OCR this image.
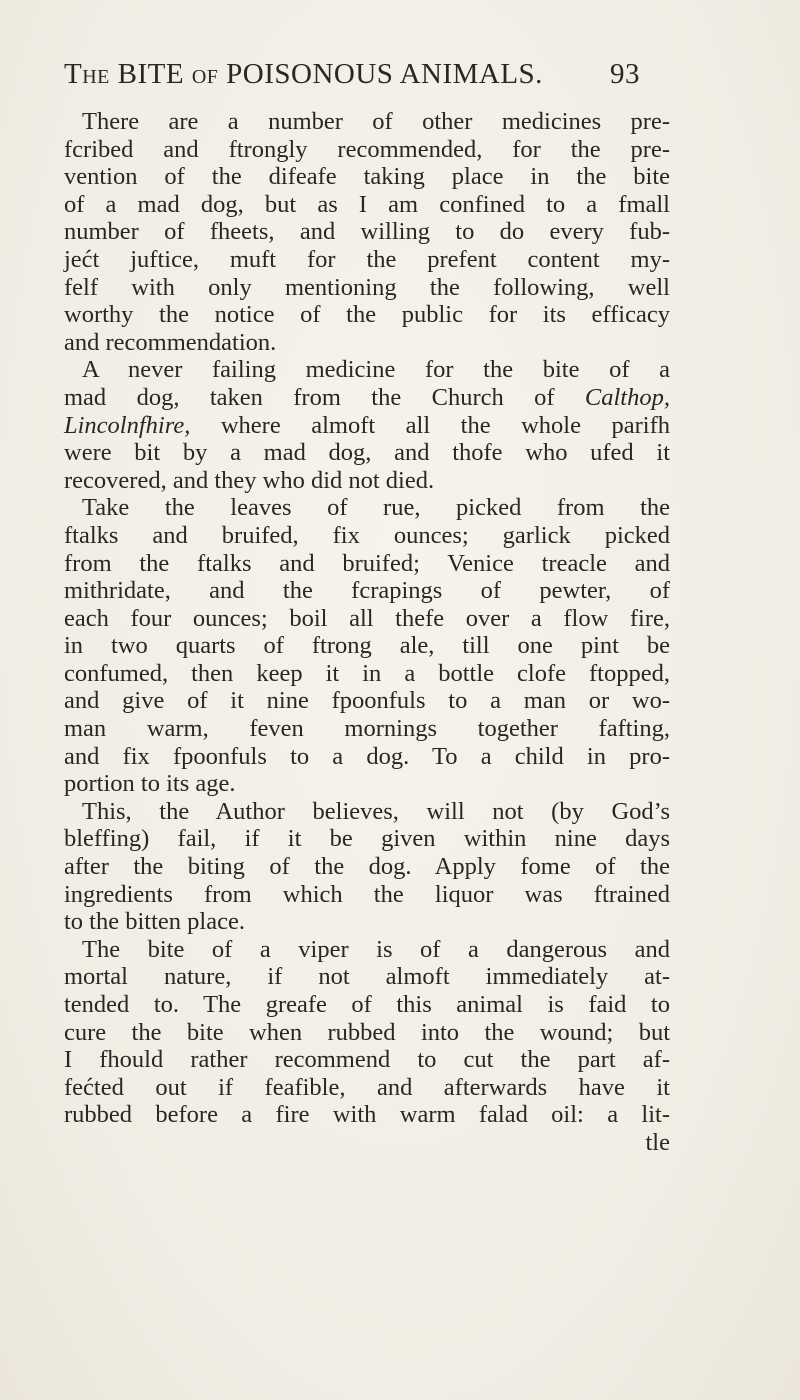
THE BITE OF POISONOUS ANIMALS. 93
There are a number of other medicines pre-
fcribed and ftrongly recommended, for the pre-
vention of the difeafe taking place in the bite
of a mad dog, but as I am confined to a fmall
number of fheets, and willing to do every fub-
jećt juftice, muft for the prefent content my-
felf with only mentioning the following, well
worthy the notice of the public for its efficacy
and recommendation.
A never failing medicine for the bite of a
mad dog, taken from the Church of Calthop,
Lincolnfhire, where almoft all the whole parifh
were bit by a mad dog, and thofe who ufed it
recovered, and they who did not died.
Take the leaves of rue, picked from the
ftalks and bruifed, fix ounces; garlick picked
from the ftalks and bruifed; Venice treacle and
mithridate, and the fcrapings of pewter, of
each four ounces; boil all thefe over a flow fire,
in two quarts of ftrong ale, till one pint be
confumed, then keep it in a bottle clofe ftopped,
and give of it nine fpoonfuls to a man or wo-
man warm, feven mornings together fafting,
and fix fpoonfuls to a dog. To a child in pro-
portion to its age.
This, the Author believes, will not (by God’s
bleffing) fail, if it be given within nine days
after the biting of the dog. Apply fome of the
ingredients from which the liquor was ftrained
to the bitten place.
The bite of a viper is of a dangerous and
mortal nature, if not almoft immediately at-
tended to. The greafe of this animal is faid to
cure the bite when rubbed into the wound; but
I fhould rather recommend to cut the part af-
fećted out if feafible, and afterwards have it
rubbed before a fire with warm falad oil: a lit-
tle
